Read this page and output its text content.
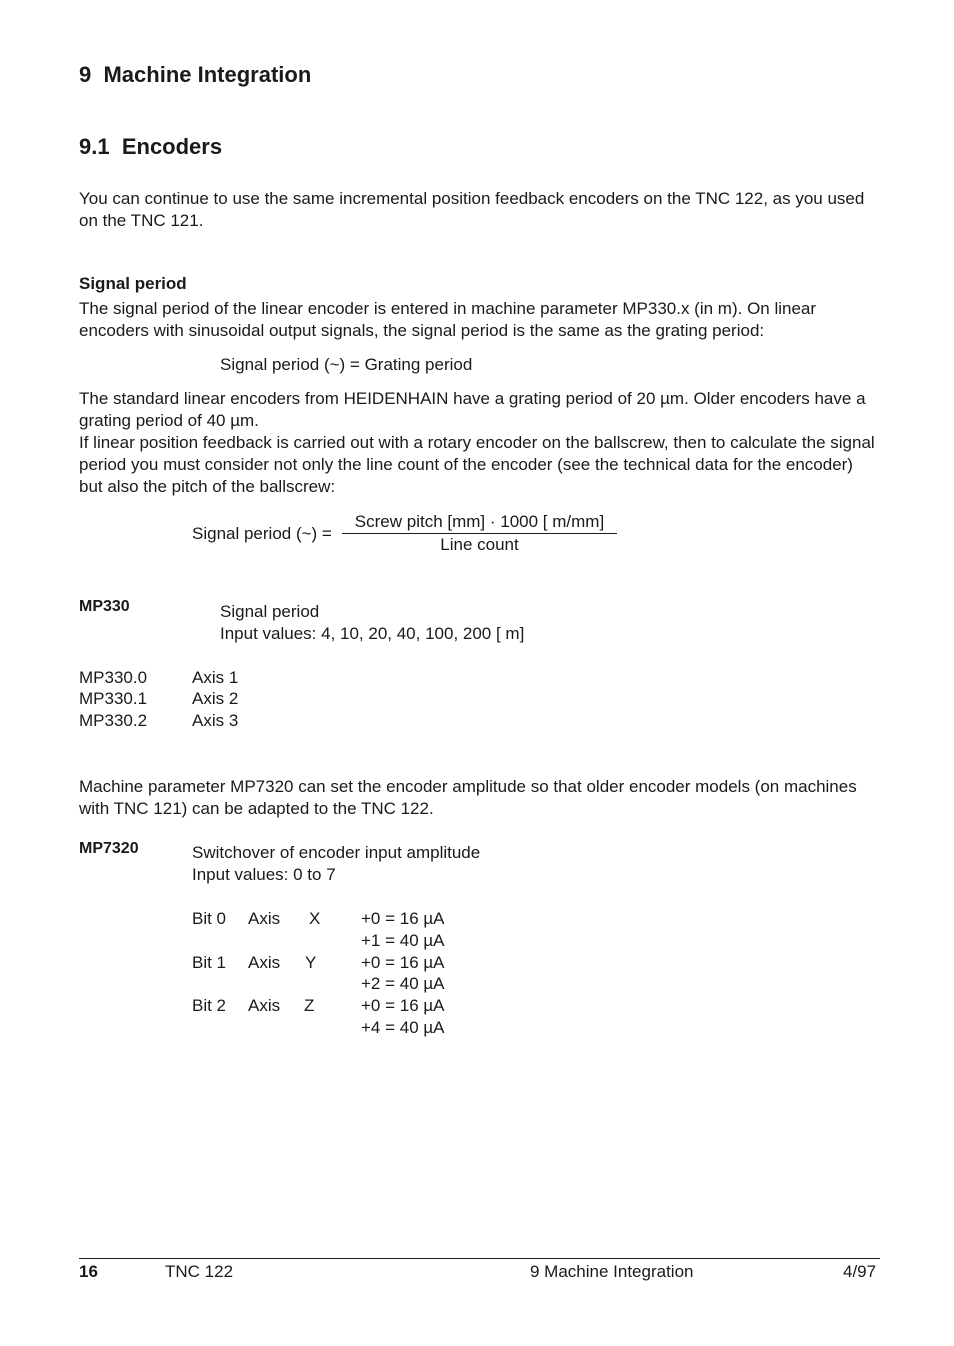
9 Machine Integration
9.1 Encoders
You can continue to use the same incremental position feedback encoders on the TNC 122, as you used on the TNC 121.
Signal period
The signal period of the linear encoder is entered in machine parameter MP330.x (in m). On linear encoders with sinusoidal output signals, the signal period is the same as the grating period:
Signal period (~) = Grating period
The standard linear encoders from HEIDENHAIN have a grating period of 20 µm. Older encoders have a grating period of 40 µm.
If linear position feedback is carried out with a rotary encoder on the ballscrew, then to calculate the signal period you must consider not only the line count of the encoder (see the technical data for the encoder) but also the pitch of the ballscrew:
Signal period (~) =
Screw pitch [mm] · 1000 [ m/mm]
Line count
MP330	Signal period
Input values: 4, 10, 20, 40, 100, 200 [ m]
MP330.0	Axis 1
MP330.1	Axis 2
MP330.2	Axis 3
Machine parameter MP7320 can set the encoder amplitude so that older encoder models (on machines with TNC 121) can be adapted to the TNC 122.
MP7320	Switchover of encoder input amplitude
Input values: 0 to 7
Bit 0 Axis X +0 = 16 µA
+1 = 40 µA
Bit 1 Axis Y	+0 = 16 µA
+2 = 40 µA
Bit 2 Axis Z	+0 = 16 µA
+4 = 40 µA
16	TNC 122	9 Machine Integration	4/97
